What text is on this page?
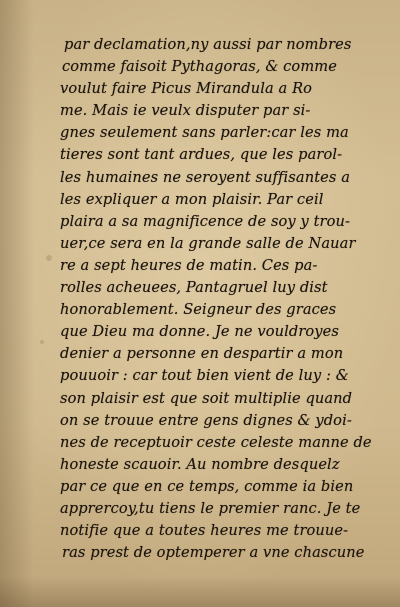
par declamation,ny aussi par nombres
comme faisoit Pythagoras, & comme
voulut faire Picus Mirandula a Ro
me. Mais ie veulx disputer par si-
gnes seulement sans parler:car les ma
tieres sont tant ardues, que les parol-
les humaines ne seroyent suffisantes a
les expliquer a mon plaisir. Par ceil
plaira a sa magnificence de soy y trou-
uer,ce sera en la grande salle de Nauar
re a sept heures de matin. Ces pa-
rolles acheuees, Pantagruel luy dist
honorablement. Seigneur des graces
que Dieu ma donne. Je ne vouldroyes
denier a personne en despartir a mon
pouuoir : car tout bien vient de luy : &
son plaisir est que soit multiplie quand
on se trouue entre gens dignes & ydoi-
nes de receptuoir ceste celeste manne de
honeste scauoir. Au nombre desquelz
par ce que en ce temps, comme ia bien
apprercoy,tu tiens le premier ranc. Je te
notifie que a toutes heures me trouue-
ras prest de optemperer a vne chascune
